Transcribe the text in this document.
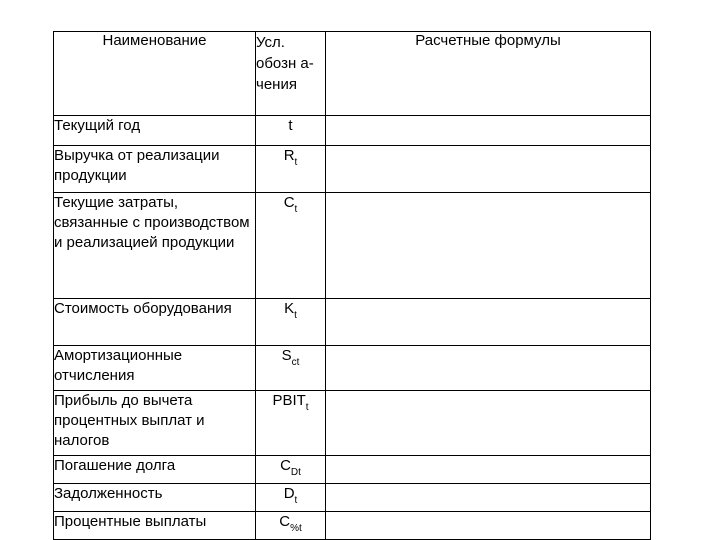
Наименование	Усл. обозн а-чения	Расчетные формулы
Текущий год	t	
Выручка от реализации продукции	$R_t$	
Текущие затраты, связанные с производством и реализацией продукции	$C_t$	
Стоимость оборудования	$K_t$	
Амортизационные отчисления	$S_{ct}$	
Прибыль до вычета процентных выплат и налогов	$PBIT_t$	
Погашение долга	$C_{Dt}$	
Задолженность	$D_t$	
Процентные выплаты	$C_{\%t}$	
